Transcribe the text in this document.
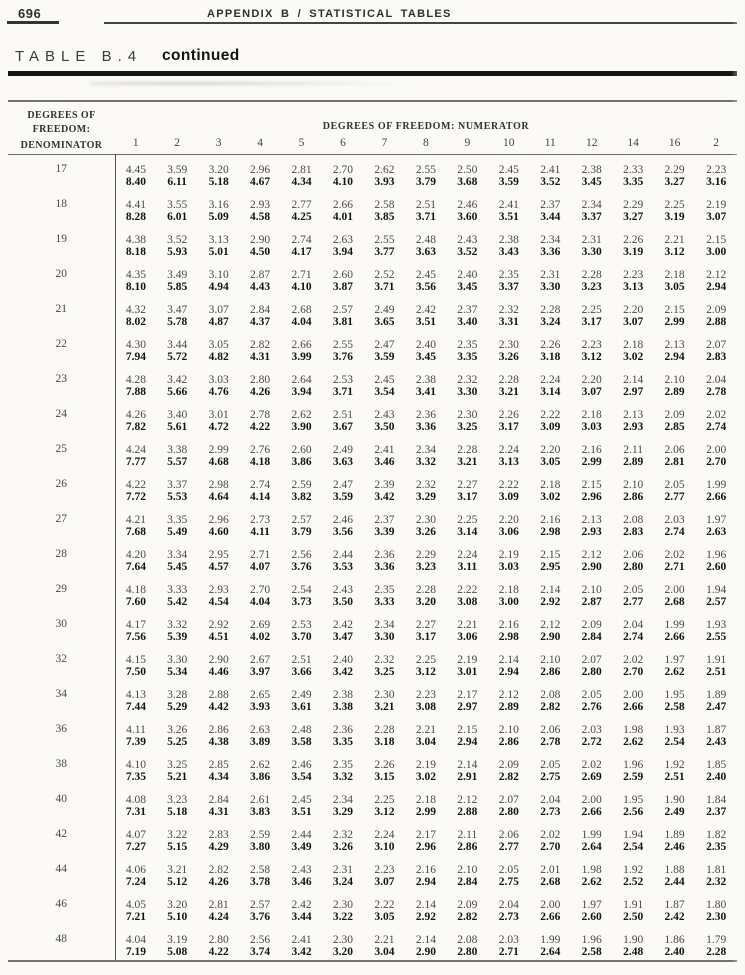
696	APPENDIX B / STATISTICAL TABLES
TABLE B.4 continued
DEGREES OF
FREEDOM:
DENOMINATOR	DEGREES OF FREEDOM: NUMERATOR														
	1	2	3	4	5	6	7	8	9	10	11	12	14	16	2
17	4.45	3.59	3.20	2.96	2.81	2.70	2.62	2.55	2.50	2.45	2.41	2.38	2.33	2.29	2.23
	8.40	6.11	5.18	4.67	4.34	4.10	3.93	3.79	3.68	3.59	3.52	3.45	3.35	3.27	3.16
18	4.41	3.55	3.16	2.93	2.77	2.66	2.58	2.51	2.46	2.41	2.37	2.34	2.29	2.25	2.19
	8.28	6.01	5.09	4.58	4.25	4.01	3.85	3.71	3.60	3.51	3.44	3.37	3.27	3.19	3.07
19	4.38	3.52	3.13	2.90	2.74	2.63	2.55	2.48	2.43	2.38	2.34	2.31	2.26	2.21	2.15
	8.18	5.93	5.01	4.50	4.17	3.94	3.77	3.63	3.52	3.43	3.36	3.30	3.19	3.12	3.00
20	4.35	3.49	3.10	2.87	2.71	2.60	2.52	2.45	2.40	2.35	2.31	2.28	2.23	2.18	2.12
	8.10	5.85	4.94	4.43	4.10	3.87	3.71	3.56	3.45	3.37	3.30	3.23	3.13	3.05	2.94
21	4.32	3.47	3.07	2.84	2.68	2.57	2.49	2.42	2.37	2.32	2.28	2.25	2.20	2.15	2.09
	8.02	5.78	4.87	4.37	4.04	3.81	3.65	3.51	3.40	3.31	3.24	3.17	3.07	2.99	2.88
22	4.30	3.44	3.05	2.82	2.66	2.55	2.47	2.40	2.35	2.30	2.26	2.23	2.18	2.13	2.07
	7.94	5.72	4.82	4.31	3.99	3.76	3.59	3.45	3.35	3.26	3.18	3.12	3.02	2.94	2.83
23	4.28	3.42	3.03	2.80	2.64	2.53	2.45	2.38	2.32	2.28	2.24	2.20	2.14	2.10	2.04
	7.88	5.66	4.76	4.26	3.94	3.71	3.54	3.41	3.30	3.21	3.14	3.07	2.97	2.89	2.78
24	4.26	3.40	3.01	2.78	2.62	2.51	2.43	2.36	2.30	2.26	2.22	2.18	2.13	2.09	2.02
	7.82	5.61	4.72	4.22	3.90	3.67	3.50	3.36	3.25	3.17	3.09	3.03	2.93	2.85	2.74
25	4.24	3.38	2.99	2.76	2.60	2.49	2.41	2.34	2.28	2.24	2.20	2.16	2.11	2.06	2.00
	7.77	5.57	4.68	4.18	3.86	3.63	3.46	3.32	3.21	3.13	3.05	2.99	2.89	2.81	2.70
26	4.22	3.37	2.98	2.74	2.59	2.47	2.39	2.32	2.27	2.22	2.18	2.15	2.10	2.05	1.99
	7.72	5.53	4.64	4.14	3.82	3.59	3.42	3.29	3.17	3.09	3.02	2.96	2.86	2.77	2.66
27	4.21	3.35	2.96	2.73	2.57	2.46	2.37	2.30	2.25	2.20	2.16	2.13	2.08	2.03	1.97
	7.68	5.49	4.60	4.11	3.79	3.56	3.39	3.26	3.14	3.06	2.98	2.93	2.83	2.74	2.63
28	4.20	3.34	2.95	2.71	2.56	2.44	2.36	2.29	2.24	2.19	2.15	2.12	2.06	2.02	1.96
	7.64	5.45	4.57	4.07	3.76	3.53	3.36	3.23	3.11	3.03	2.95	2.90	2.80	2.71	2.60
29	4.18	3.33	2.93	2.70	2.54	2.43	2.35	2.28	2.22	2.18	2.14	2.10	2.05	2.00	1.94
	7.60	5.42	4.54	4.04	3.73	3.50	3.33	3.20	3.08	3.00	2.92	2.87	2.77	2.68	2.57
30	4.17	3.32	2.92	2.69	2.53	2.42	2.34	2.27	2.21	2.16	2.12	2.09	2.04	1.99	1.93
	7.56	5.39	4.51	4.02	3.70	3.47	3.30	3.17	3.06	2.98	2.90	2.84	2.74	2.66	2.55
32	4.15	3.30	2.90	2.67	2.51	2.40	2.32	2.25	2.19	2.14	2.10	2.07	2.02	1.97	1.91
	7.50	5.34	4.46	3.97	3.66	3.42	3.25	3.12	3.01	2.94	2.86	2.80	2.70	2.62	2.51
34	4.13	3.28	2.88	2.65	2.49	2.38	2.30	2.23	2.17	2.12	2.08	2.05	2.00	1.95	1.89
	7.44	5.29	4.42	3.93	3.61	3.38	3.21	3.08	2.97	2.89	2.82	2.76	2.66	2.58	2.47
36	4.11	3.26	2.86	2.63	2.48	2.36	2.28	2.21	2.15	2.10	2.06	2.03	1.98	1.93	1.87
	7.39	5.25	4.38	3.89	3.58	3.35	3.18	3.04	2.94	2.86	2.78	2.72	2.62	2.54	2.43
38	4.10	3.25	2.85	2.62	2.46	2.35	2.26	2.19	2.14	2.09	2.05	2.02	1.96	1.92	1.85
	7.35	5.21	4.34	3.86	3.54	3.32	3.15	3.02	2.91	2.82	2.75	2.69	2.59	2.51	2.40
40	4.08	3.23	2.84	2.61	2.45	2.34	2.25	2.18	2.12	2.07	2.04	2.00	1.95	1.90	1.84
	7.31	5.18	4.31	3.83	3.51	3.29	3.12	2.99	2.88	2.80	2.73	2.66	2.56	2.49	2.37
42	4.07	3.22	2.83	2.59	2.44	2.32	2.24	2.17	2.11	2.06	2.02	1.99	1.94	1.89	1.82
	7.27	5.15	4.29	3.80	3.49	3.26	3.10	2.96	2.86	2.77	2.70	2.64	2.54	2.46	2.35
44	4.06	3.21	2.82	2.58	2.43	2.31	2.23	2.16	2.10	2.05	2.01	1.98	1.92	1.88	1.81
	7.24	5.12	4.26	3.78	3.46	3.24	3.07	2.94	2.84	2.75	2.68	2.62	2.52	2.44	2.32
46	4.05	3.20	2.81	2.57	2.42	2.30	2.22	2.14	2.09	2.04	2.00	1.97	1.91	1.87	1.80
	7.21	5.10	4.24	3.76	3.44	3.22	3.05	2.92	2.82	2.73	2.66	2.60	2.50	2.42	2.30
48	4.04	3.19	2.80	2.56	2.41	2.30	2.21	2.14	2.08	2.03	1.99	1.96	1.90	1.86	1.79
	7.19	5.08	4.22	3.74	3.42	3.20	3.04	2.90	2.80	2.71	2.64	2.58	2.48	2.40	2.28
